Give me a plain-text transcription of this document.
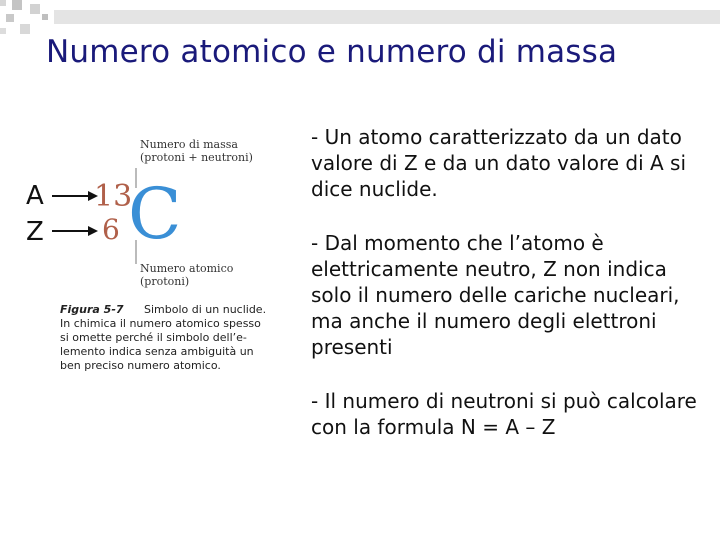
Numero atomico e numero di massa
A
Z
13
6 C
Numero di massa
(protoni + neutroni)
Numero atomico
(protoni)
Figura 5-7 Simbolo di un nuclide.
In chimica il numero atomico spesso
si omette perché il simbolo dell’e-
lemento indica senza ambiguità un
ben preciso numero atomico.

- Un atomo caratterizzato da un dato valore di Z e da un dato valore di A si dice nuclide.

- Dal momento che l’atomo è elettricamente neutro, Z non indica solo il numero delle cariche nucleari, ma anche il numero degli elettroni presenti

- Il numero di neutroni si può calcolare con la formula N = A – Z
